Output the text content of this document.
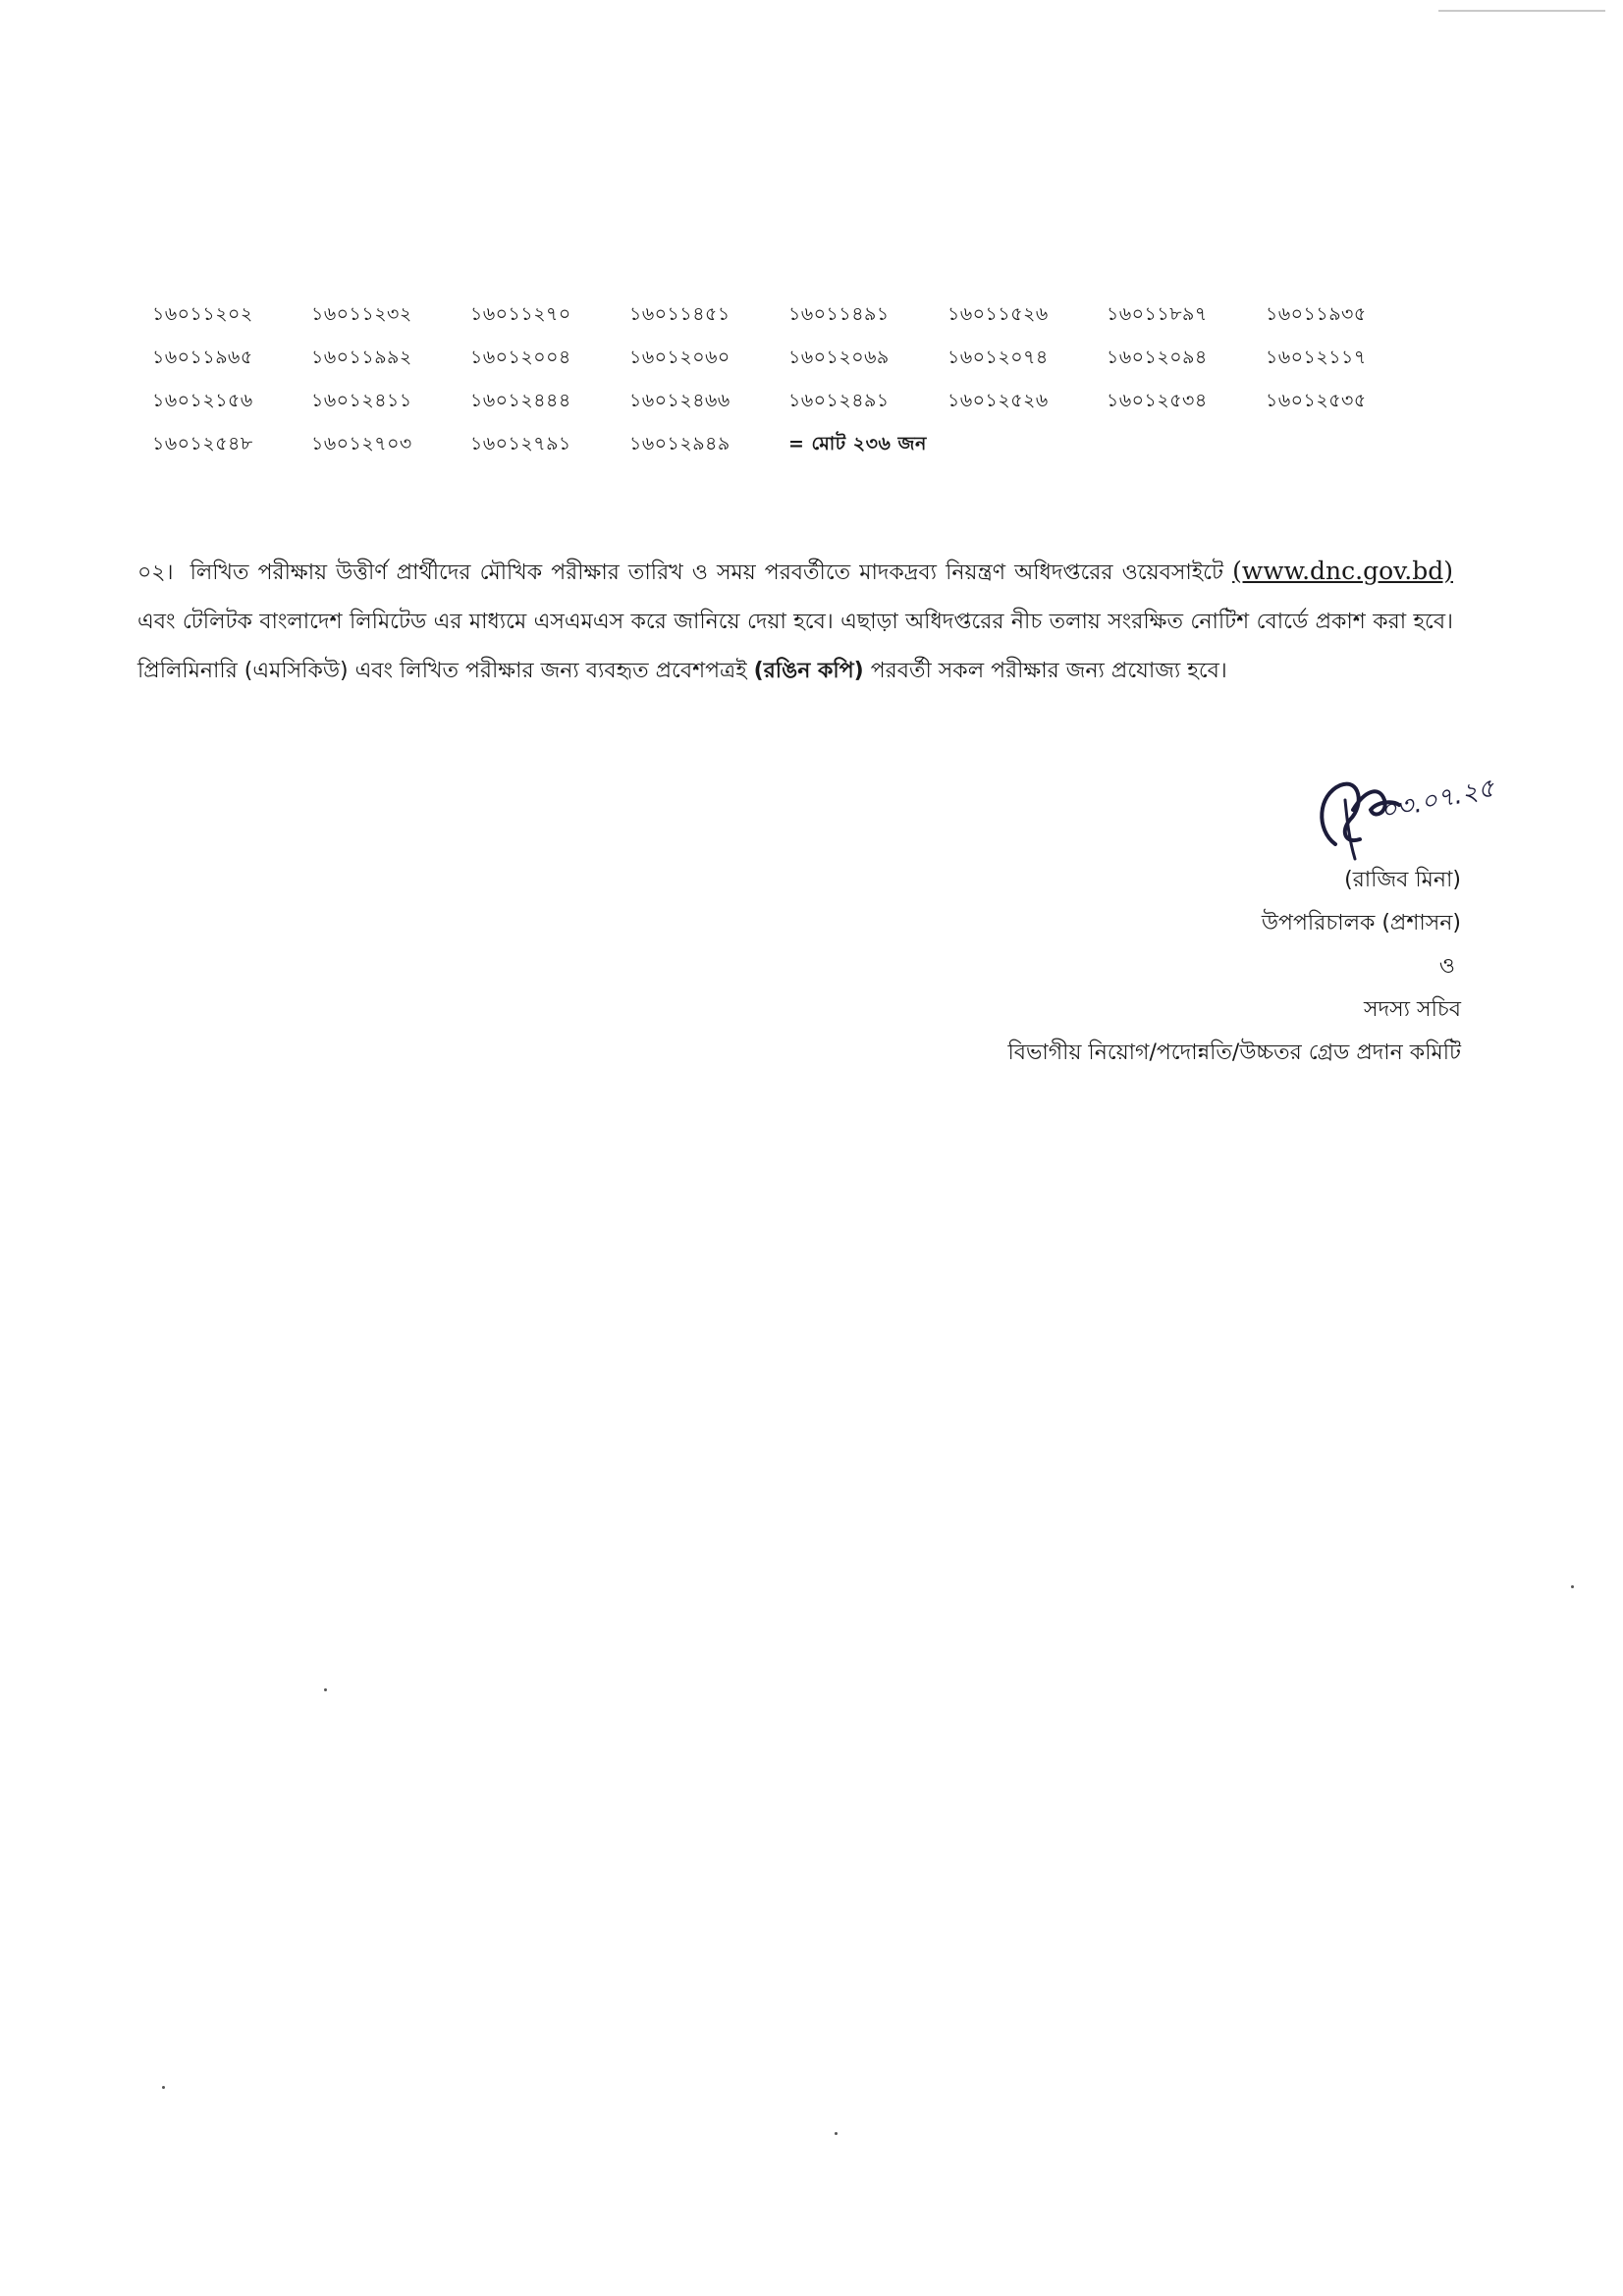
১৬০১১২০২	১৬০১১২৩২	১৬০১১২৭০	১৬০১১৪৫১	১৬০১১৪৯১	১৬০১১৫২৬	১৬০১১৮৯৭	১৬০১১৯৩৫
১৬০১১৯৬৫	১৬০১১৯৯২	১৬০১২০০৪	১৬০১২০৬০	১৬০১২০৬৯	১৬০১২০৭৪	১৬০১২০৯৪	১৬০১২১১৭
১৬০১২১৫৬	১৬০১২৪১১	১৬০১২৪৪৪	১৬০১২৪৬৬	১৬০১২৪৯১	১৬০১২৫২৬	১৬০১২৫৩৪	১৬০১২৫৩৫
১৬০১২৫৪৮	১৬০১২৭০৩	১৬০১২৭৯১	১৬০১২৯৪৯	= মোট ২৩৬ জন			

০২। লিখিত পরীক্ষায় উত্তীর্ণ প্রার্থীদের মৌখিক পরীক্ষার তারিখ ও সময় পরবর্তীতে মাদকদ্রব্য নিয়ন্ত্রণ অধিদপ্তরের ওয়েবসাইটে (www.dnc.gov.bd) এবং টেলিটক বাংলাদেশ লিমিটেড এর মাধ্যমে এসএমএস করে জানিয়ে দেয়া হবে। এছাড়া অধিদপ্তরের নীচ তলায় সংরক্ষিত নোটিশ বোর্ডে প্রকাশ করা হবে। প্রিলিমিনারি (এমসিকিউ) এবং লিখিত পরীক্ষার জন্য ব্যবহৃত প্রবেশপত্রই (রঙিন কপি) পরবর্তী সকল পরীক্ষার জন্য প্রযোজ্য হবে।

০৩.০৭.২৫
(রাজিব মিনা)
উপপরিচালক (প্রশাসন)
ও
সদস্য সচিব
বিভাগীয় নিয়োগ/পদোন্নতি/উচ্চতর গ্রেড প্রদান কমিটি
